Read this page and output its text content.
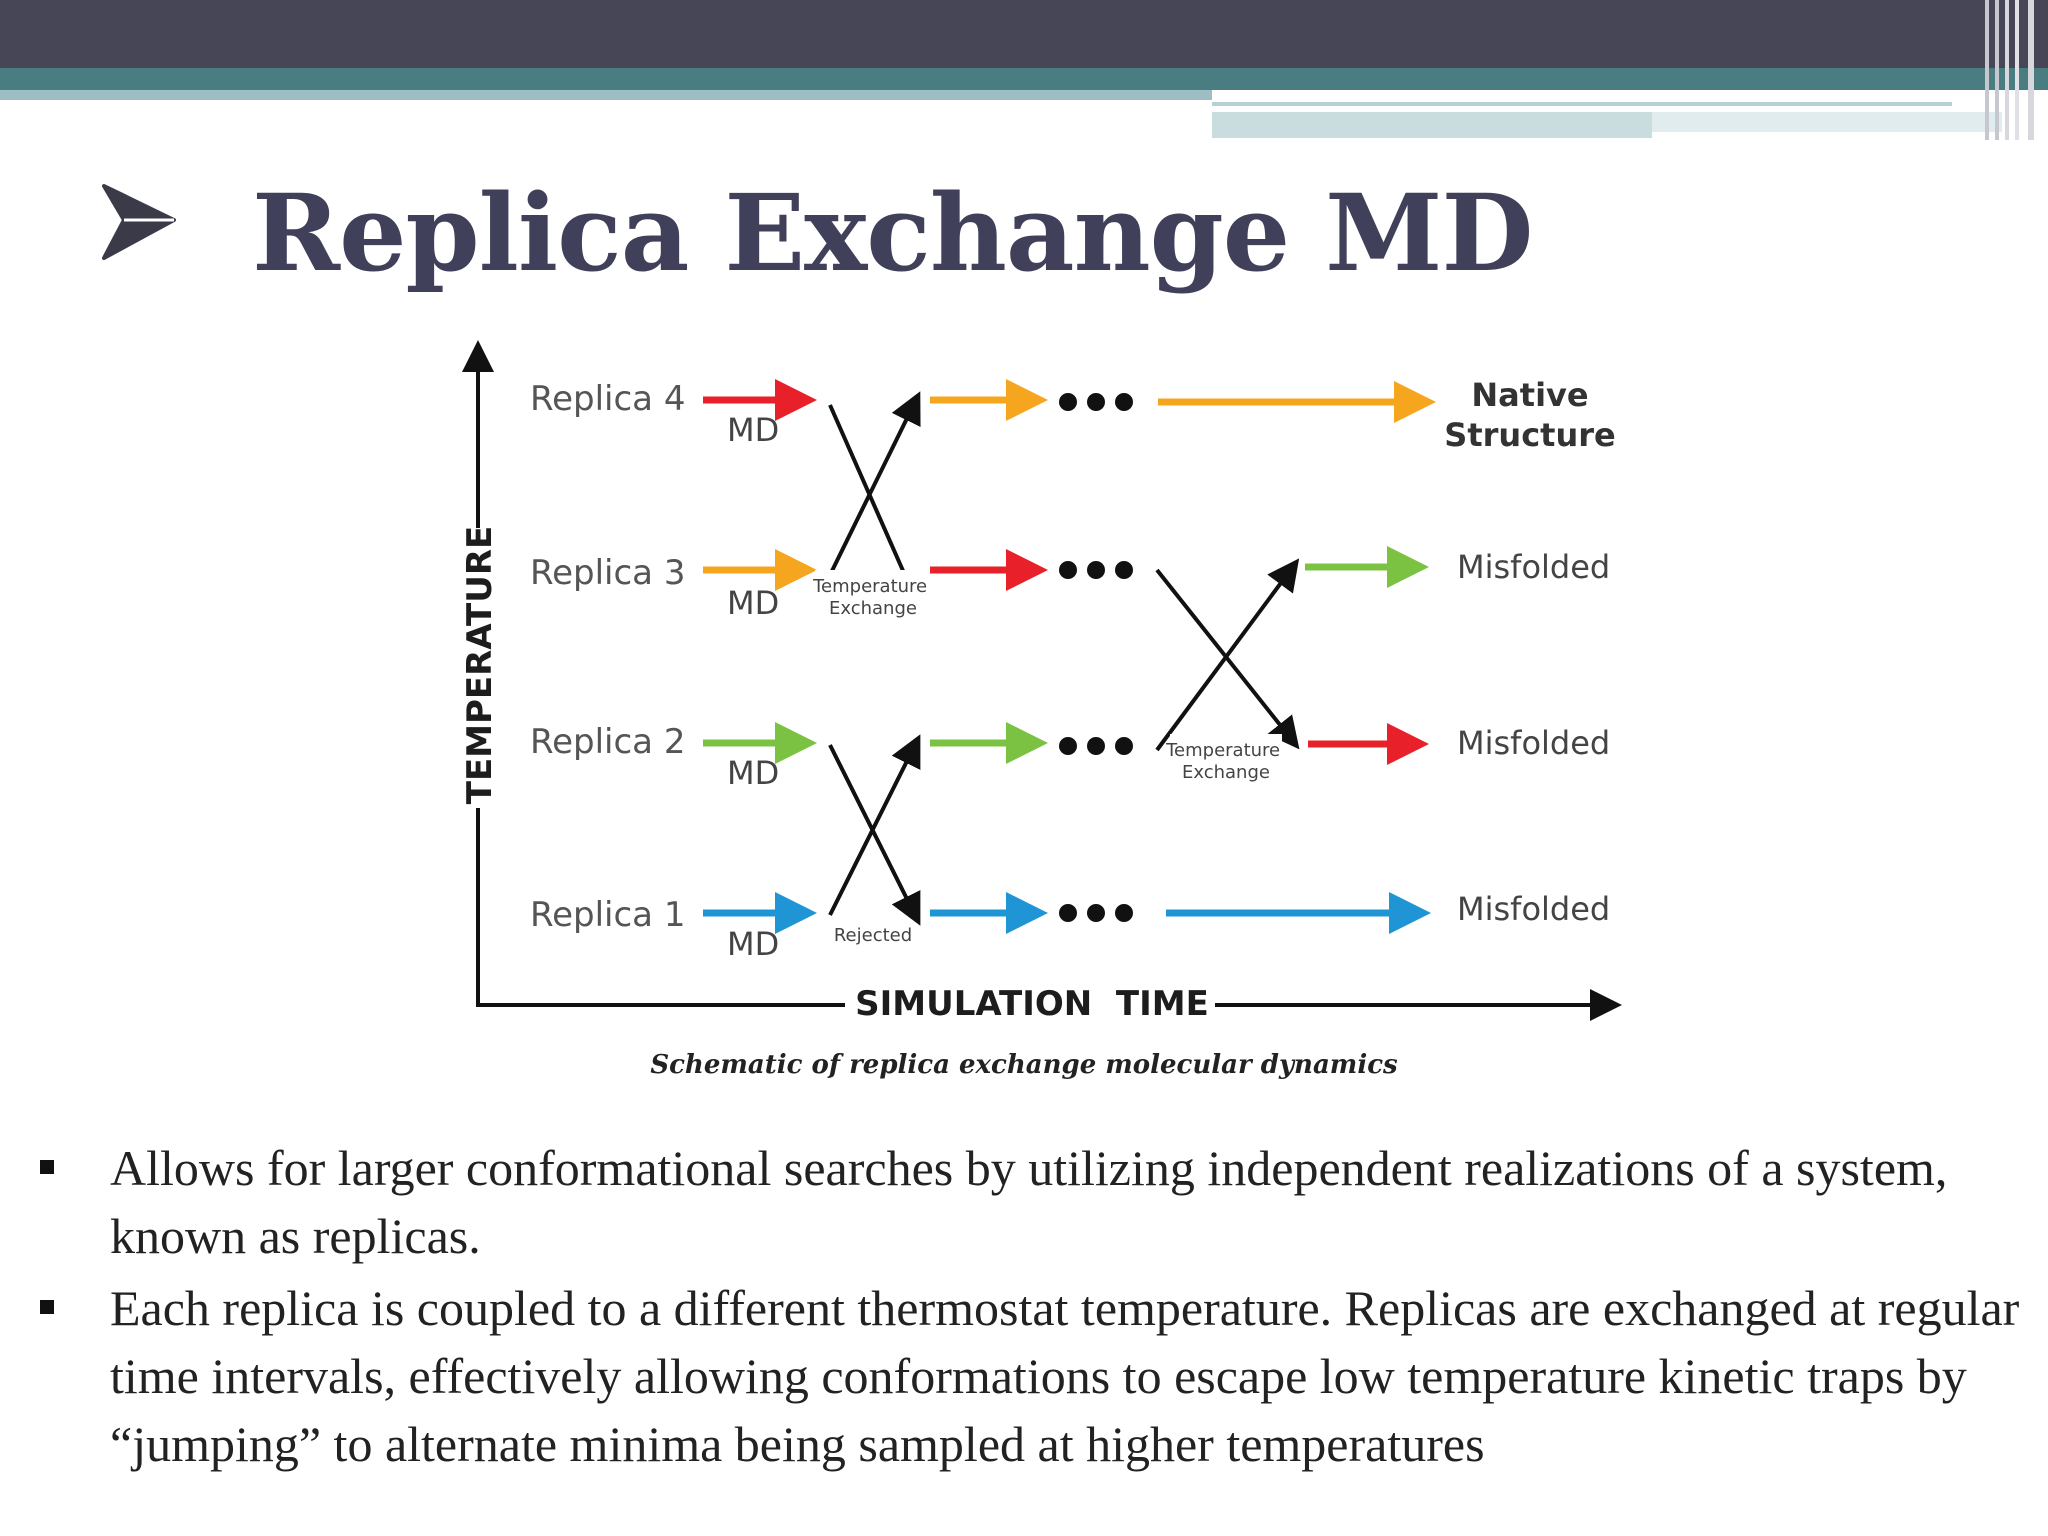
Replica Exchange MD
TEMPERATURE
SIMULATION  TIME
Replica 4
Replica 3
Replica 2
Replica 1
MD
MD
MD
MD
Temperature Exchange
Rejected
Temperature Exchange
Native
Structure
Misfolded
Misfolded
Misfolded
Schematic of replica exchange molecular dynamics
Allows for larger conformational searches by utilizing independent realizations of a system, known as replicas.
Each replica is coupled to a different thermostat temperature. Replicas are exchanged at regular time intervals, effectively allowing conformations to escape low temperature kinetic traps by “jumping” to alternate minima being sampled at higher temperatures
